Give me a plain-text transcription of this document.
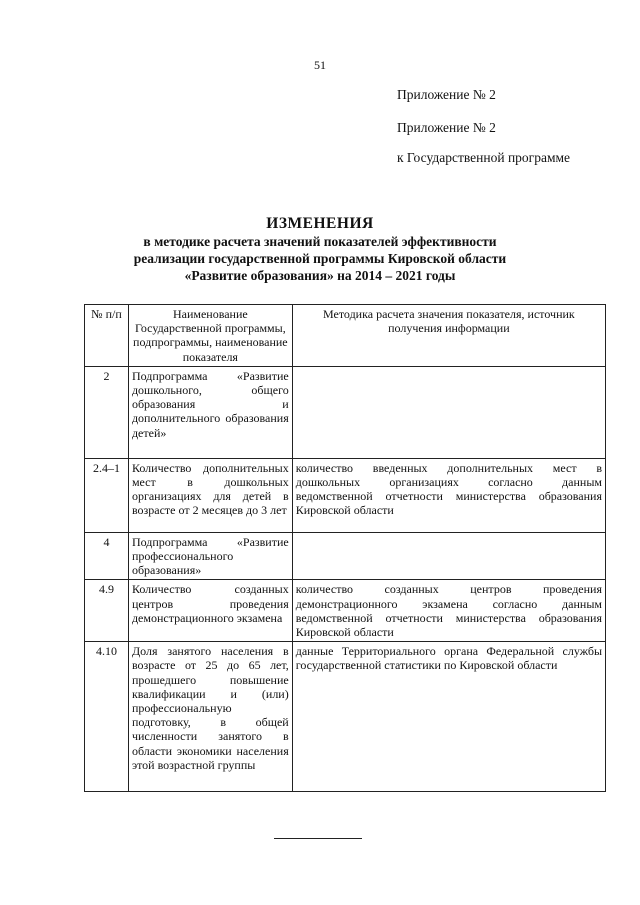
51
Приложение № 2
Приложение № 2
к Государственной программе
ИЗМЕНЕНИЯ
в методике расчета значений показателей эффективности
реализации государственной программы Кировской области
«Развитие образования» на 2014 – 2021 годы
№ п/п	Наименование Государственной программы, подпрограммы, наименование показателя	Методика расчета значения показателя, источник получения информации
2	Подпрограмма «Развитие дошкольного, общего образования и дополнительного образования детей»	
2.4–1	Количество дополнительных мест в дошкольных организациях для детей в возрасте от 2 месяцев до 3 лет	количество введенных дополнительных мест в дошкольных организациях согласно данным ведомственной отчетности министерства образования Кировской области
4	Подпрограмма «Развитие профессионального образования»	
4.9	Количество созданных центров проведения демонстрационного экзамена	количество созданных центров проведения демонстрационного экзамена согласно данным ведомственной отчетности министерства образования Кировской области
4.10	Доля занятого населения в возрасте от 25 до 65 лет, прошедшего повышение квалификации и (или) профессиональную подготовку, в общей численности занятого в области экономики населения этой возрастной группы	данные Территориального органа Федеральной службы государственной статистики по Кировской области
